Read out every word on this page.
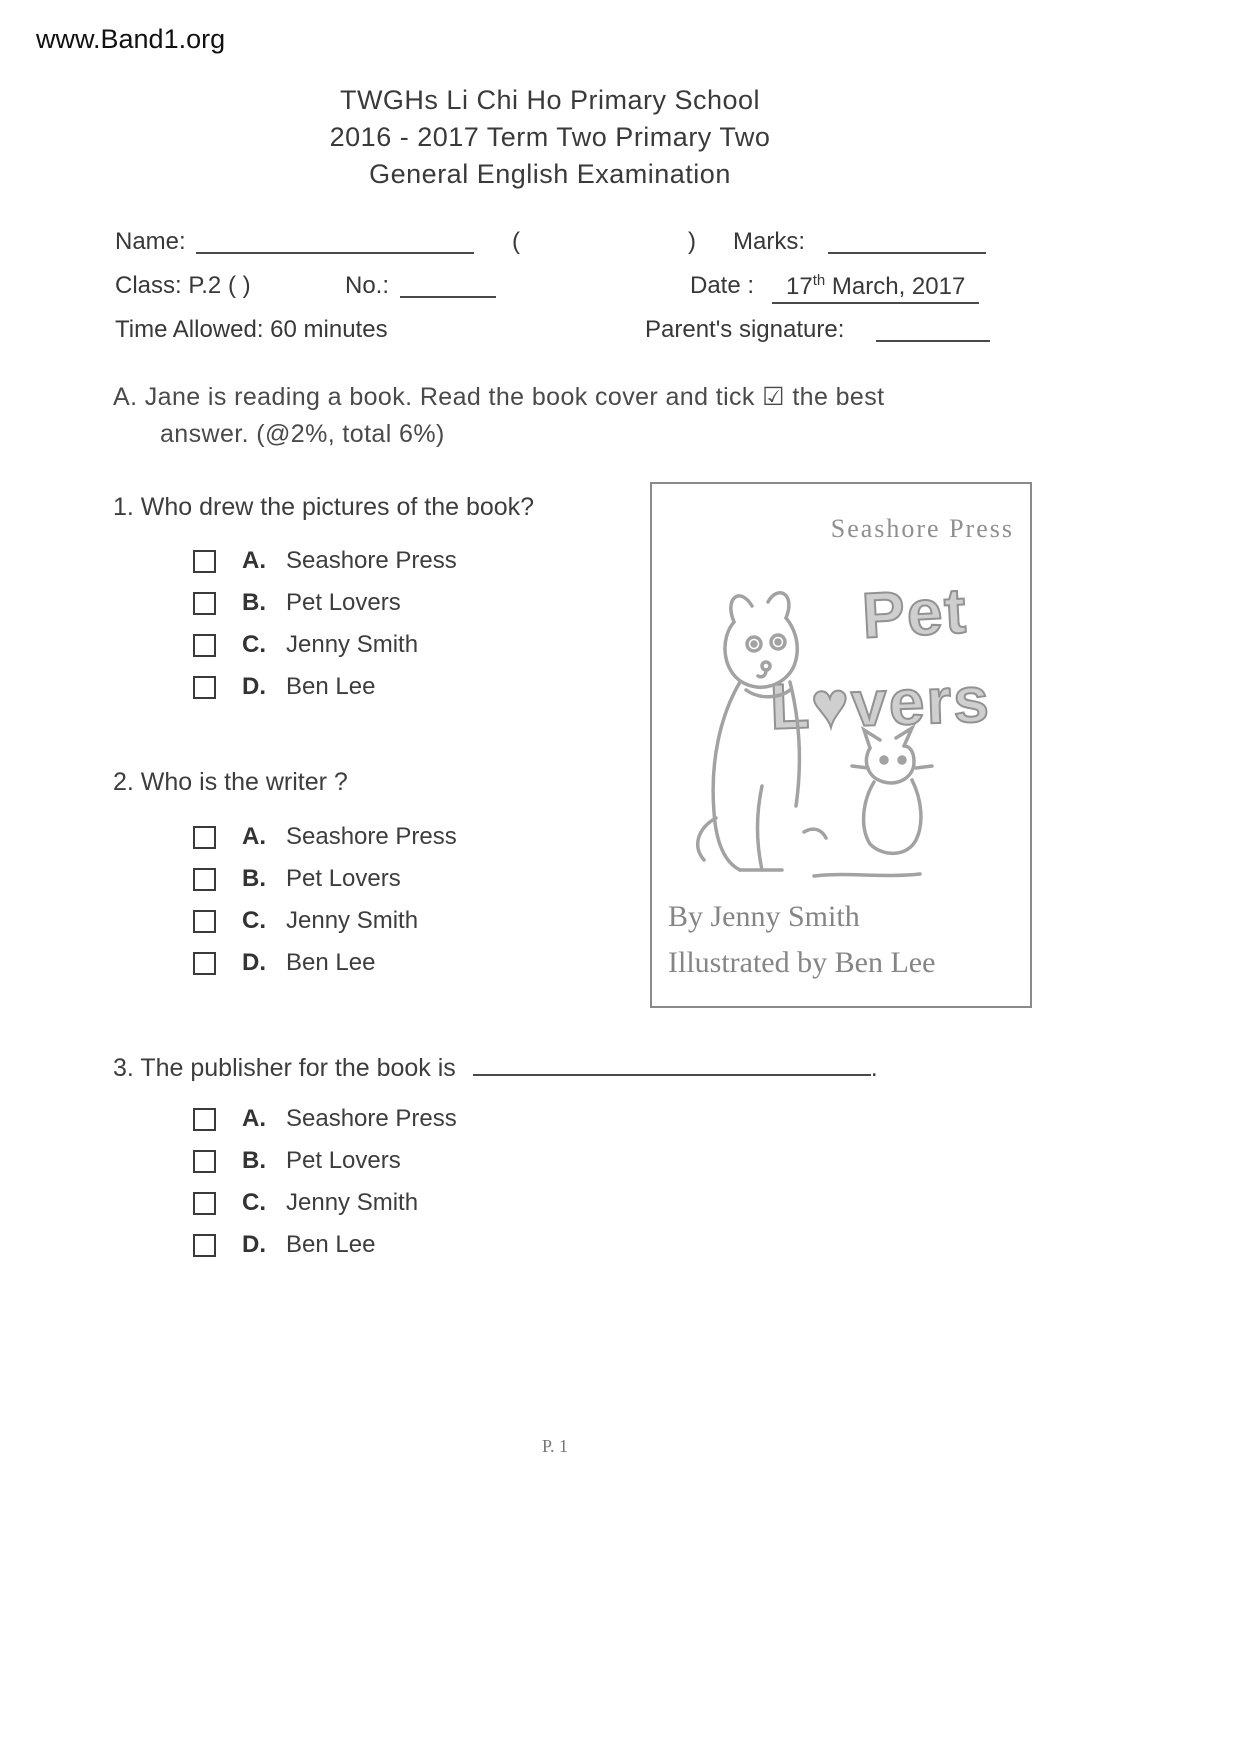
www.Band1.org
TWGHs Li Chi Ho Primary School
2016 - 2017 Term Two Primary Two
General English Examination
Name:	(	) Marks:
Class: P.2 ( )	No.:	Date :	17th March, 2017
Time Allowed: 60 minutes	Parent's signature:
A. Jane is reading a book. Read the book cover and tick ☑ the best
answer. (@2%, total 6%)
1. Who drew the pictures of the book?
A. Seashore Press
B. Pet Lovers
C. Jenny Smith
D. Ben Lee
2. Who is the writer ?
A. Seashore Press
B. Pet Lovers
C. Jenny Smith
D. Ben Lee
Seashore Press
Pet
L♥vers
By Jenny Smith
Illustrated by Ben Lee
3. The publisher for the book is	.
A. Seashore Press
B. Pet Lovers
C. Jenny Smith
D. Ben Lee
P. 1
